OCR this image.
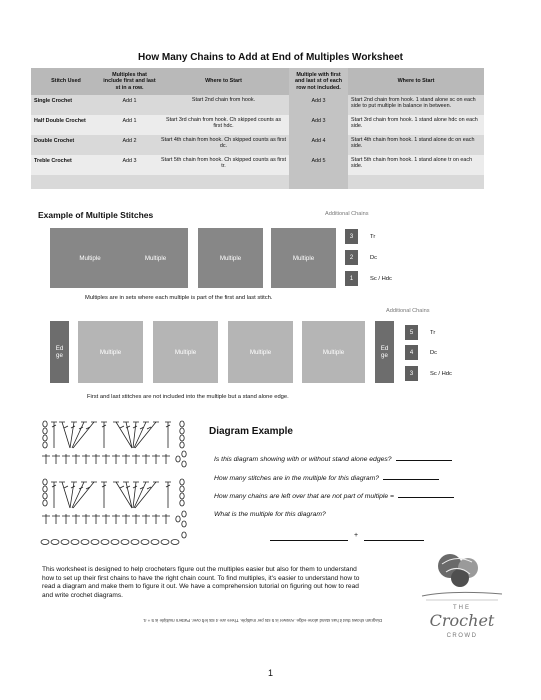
How Many Chains to Add at End of Multiples Worksheet
Stitch Used	Multiples that include first and last st in a row.	Where to Start	Multiple with first and last st of each row not included.	Where to Start
Single Crochet	Add 1	Start 2nd chain from hook.	Add 3	Start 2nd chain from hook. 1 stand alone sc on each side to put multiple in balance in between.
Half Double Crochet	Add 1	Start 3rd chain from hook. Ch skipped counts as first hdc.	Add 3	Start 3rd chain from hook. 1 stand alone hdc on each side.
Double Crochet	Add 2	Start 4th chain from hook. Ch skipped counts as first dc.	Add 4	Start 4th chain from hook. 1 stand alone dc on each side.
Treble Crochet	Add 3	Start 5th chain from hook. Ch skipped counts as first tr.	Add 5	Start 5th chain from hook. 1 stand alone tr on each side.

Example of Multiple Stitches	Additional Chains
Multiple	Multiple	Multiple	Multiple
3	Tr
2	Dc
1	Sc / Hdc
Multiples are in sets where each multiple is part of the first and last stitch.
Additional Chains
Ed
ge	Multiple	Multiple	Multiple	Multiple
Ed
ge
5	Tr
4	Dc
3	Sc / Hdc
First and last stitches are not included into the multiple but a stand alone edge.
Diagram Example
Is this diagram showing with or without stand alone edges?
How many stitches are in the multiple for this diagram?
How many chains are left over that are not part of multiple =
What is the multiple for this diagram?
+
This worksheet is designed to help crocheters figure out the multiples easier but also for them to understand how to set up their first chains to have the right chain count. To find multiples, it's easier to understand how to read a diagram and make them to figure it out. We have a comprehension tutorial on figuring out how to read and write crochet diagrams.
Diagram shows that it has stand alone edge. Answer is 5 sts per multiple. There are 4 sts left over. Pattern multiple is 5 + 4.
THE
Crochet
CROWD
1
